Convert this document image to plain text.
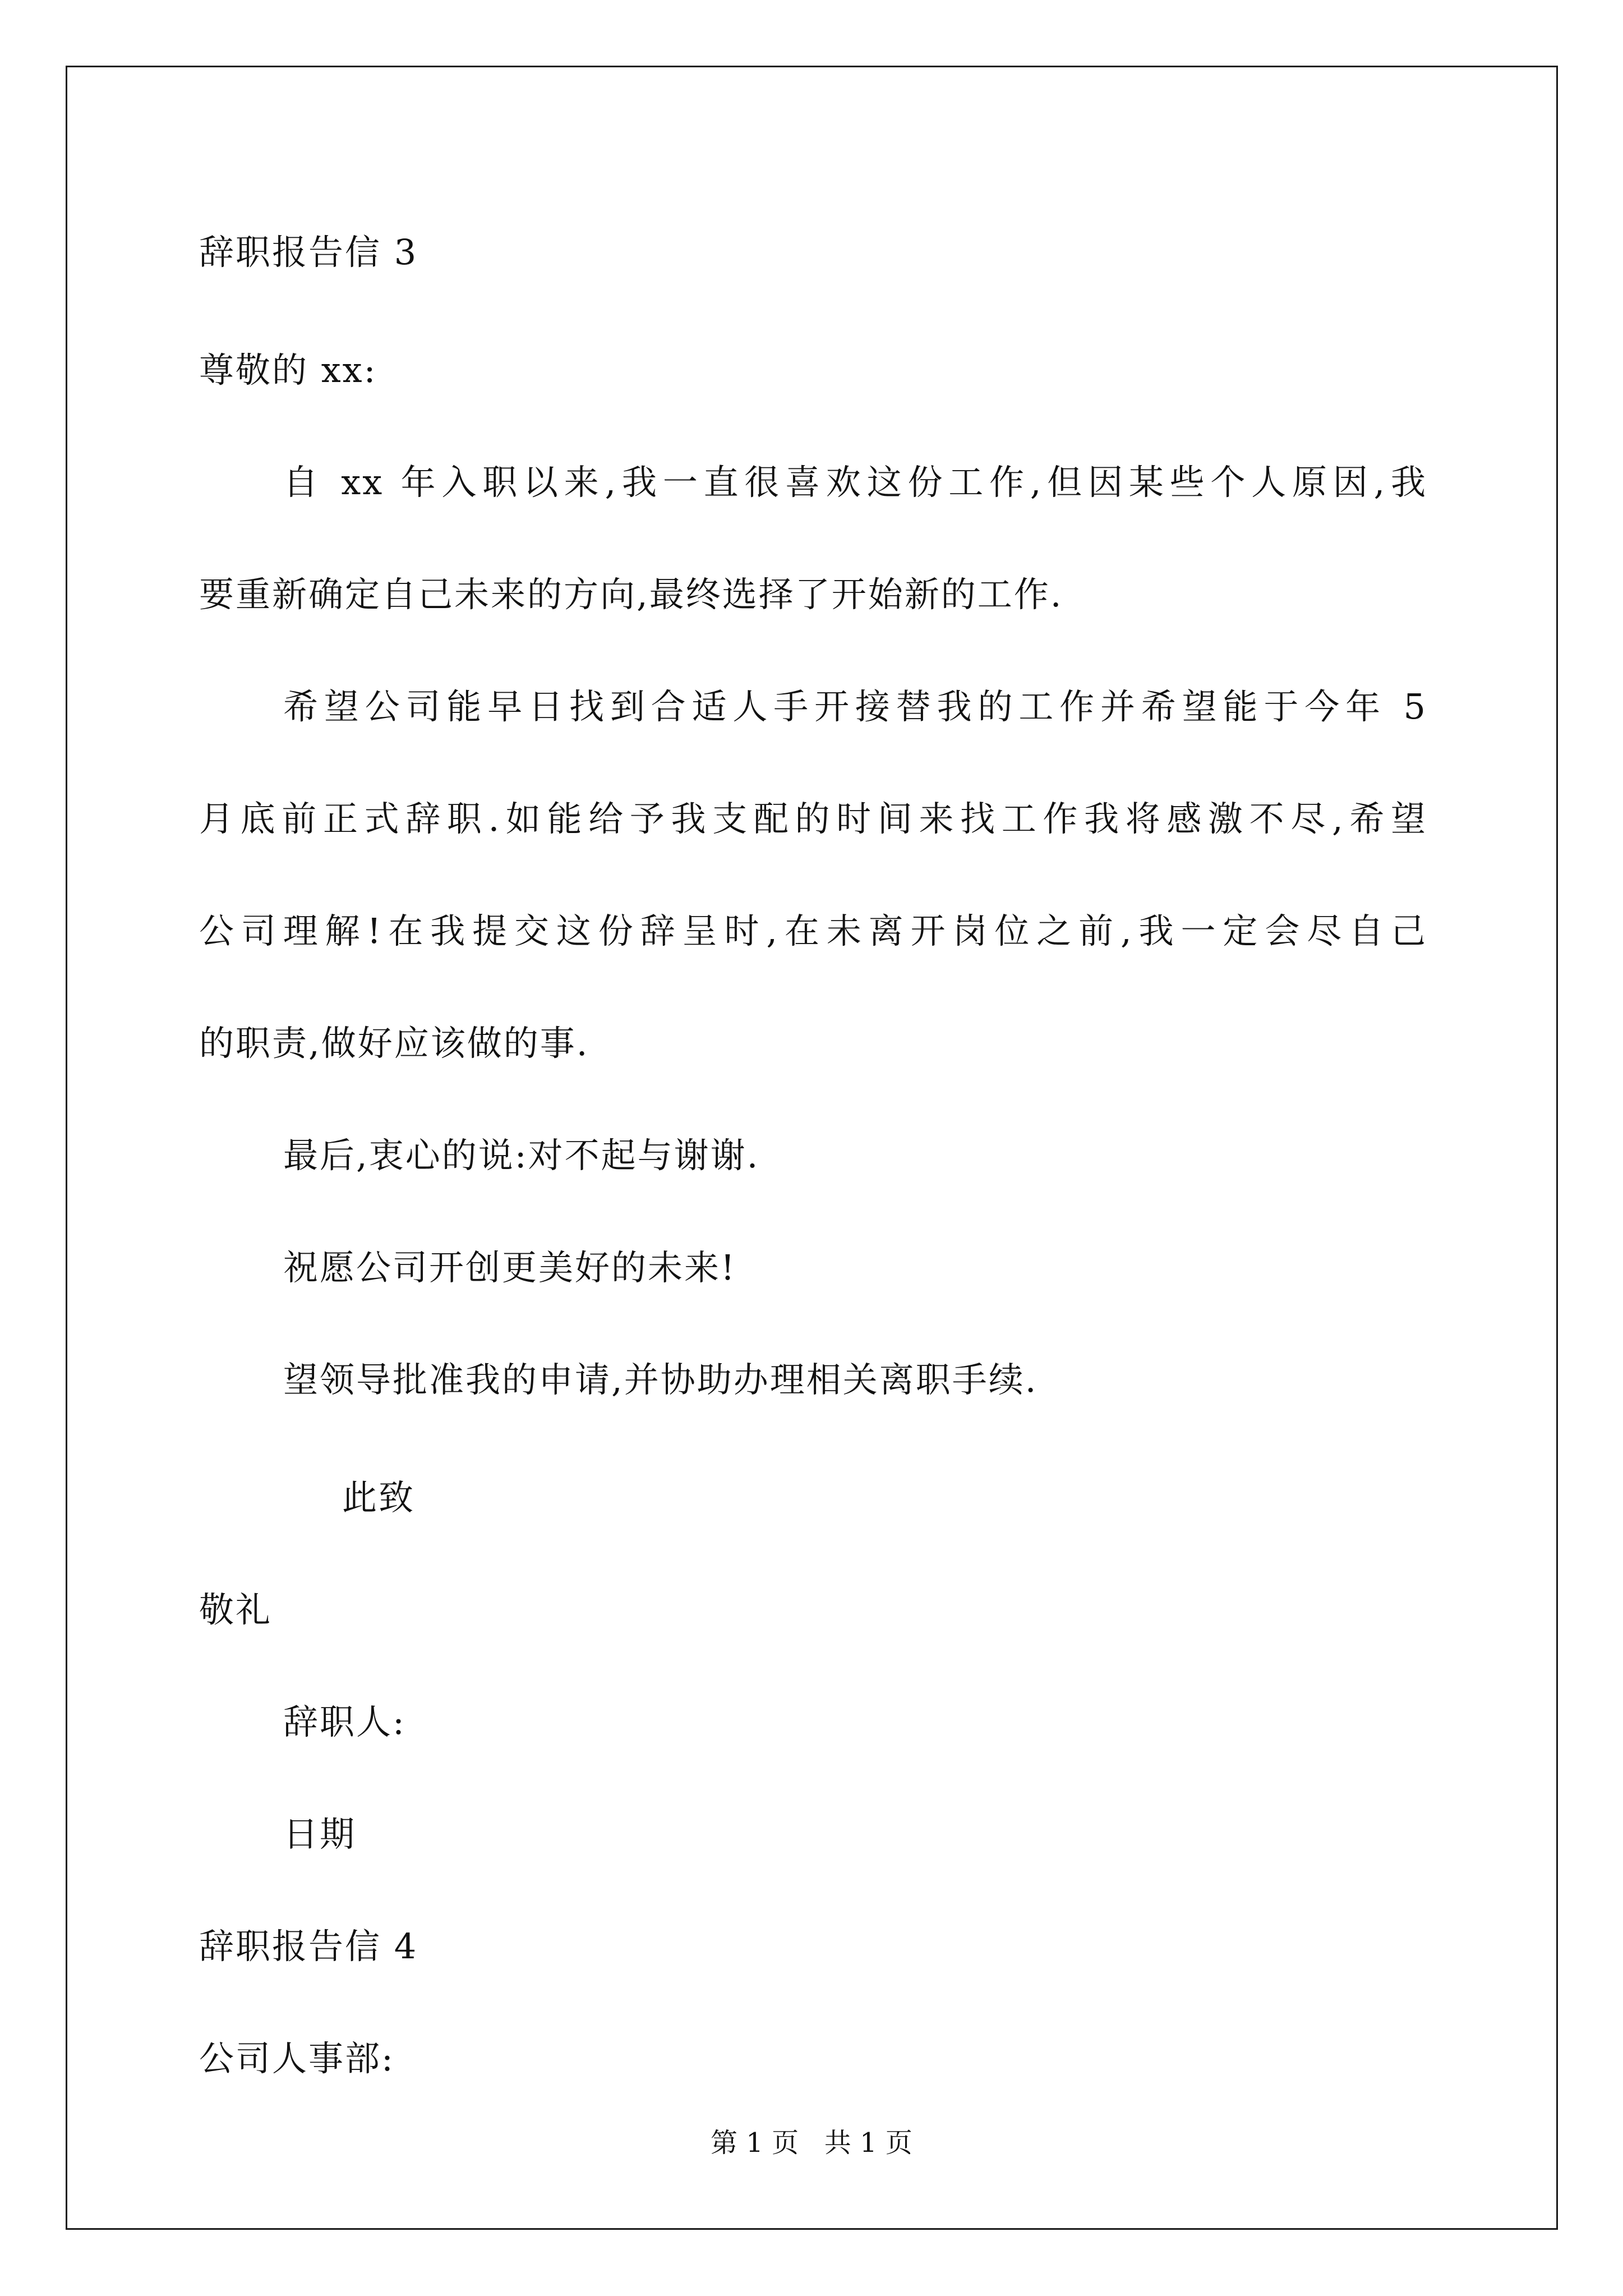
辞职报告信 3
尊敬的 xx:
自 xx 年入职以来,我一直很喜欢这份工作,但因某些个人原因,我
要重新确定自己未来的方向,最终选择了开始新的工作.
希望公司能早日找到合适人手开接替我的工作并希望能于今年 5
月底前正式辞职.如能给予我支配的时间来找工作我将感激不尽,希望
公司理解!在我提交这份辞呈时,在未离开岗位之前,我一定会尽自己
的职责,做好应该做的事.
最后,衷心的说:对不起与谢谢.
祝愿公司开创更美好的未来!
望领导批准我的申请,并协助办理相关离职手续.
此致
敬礼
辞职人:
日期
辞职报告信 4
公司人事部:
第 1 页   共 1 页
